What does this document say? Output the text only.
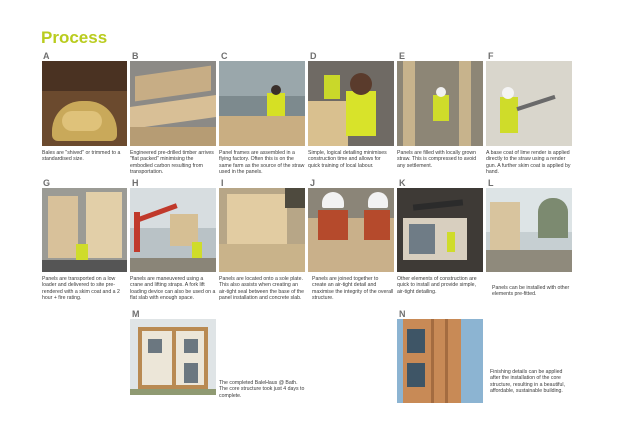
Process
A
Bales are "shived" or trimmed to a standardised size.
B
Engineered pre-drilled timber arrives "flat packed" minimising the embodied carbon resulting from transportation.
C
Panel frames are assembled in a flying factory. Often this is on the same farm as the source of the straw used in the panels.
D
Simple, logical detailing minimises construction time and allows for quick training of local labour.
E
Panels are filled with locally grown straw. This is compressed to avoid any settlement.
F
A base coat of lime render is applied directly to the straw using a render gun. A further skim coat is applied by hand.
G
Panels are transported on a low loader and delivered to site pre-rendered with a skim coat and a 2 hour + fire rating.
H
Panels are maneuvered using a crane and lifting straps. A fork lift loading device can also be used on a flat slab with enough space.
I
Panels are located onto a sole plate. This also assists when creating an air-tight seal between the base of the panel installation and concrete slab.
J
Panels are joined together to create an air-tight detail and maximise the integrity of the overall structure.
K
Other elements of construction are quick to install and provide simple, air-tight detailing.
L
Panels can be installed with other elements pre-fitted.
M
The completed BaleHaus @ Bath. The core structure took just 4 days to complete.
N
Finishing details can be applied after the installation of the core structure, resulting in a beautiful, affordable, sustainable building.
